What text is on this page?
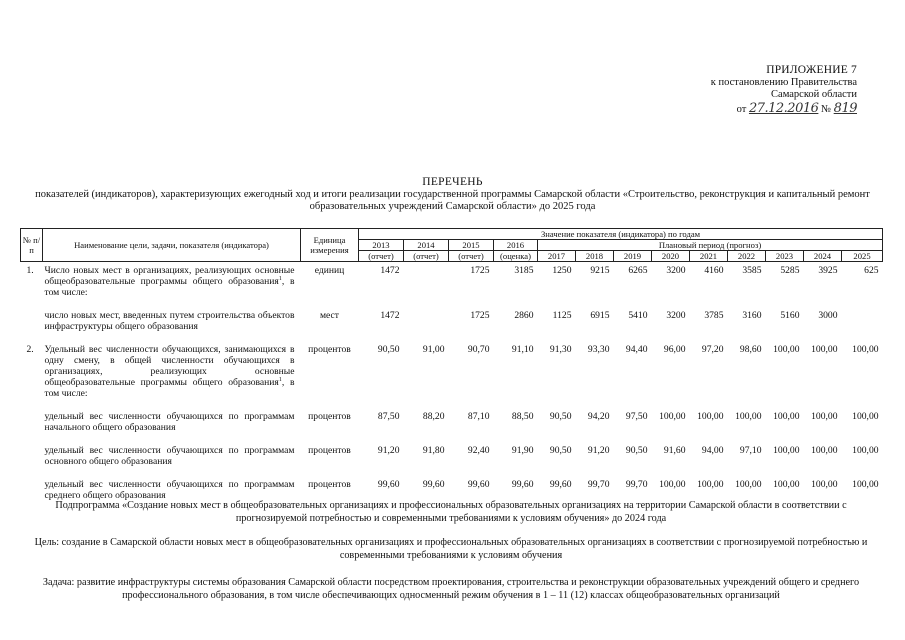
ПРИЛОЖЕНИЕ 7
к постановлению Правительства
Самарской области
от 27.12.2016 № 819
ПЕРЕЧЕНЬ
показателей (индикаторов), характеризующих ежегодный ход и итоги реализации государственной программы Самарской области «Строительство, реконструкция и капитальный ремонт образовательных учреждений Самарской области» до 2025 года
№ п/п	Наименование цели, задачи, показателя (индикатора)	Единица измерения	Значение показателя (индикатора) по годам												
			2013	2014	2015	2016	Плановый период (прогноз)								
			(отчет)	(отчет)	(отчет)	(оценка)	2017	2018	2019	2020	2021	2022	2023	2024	2025
1.	Число новых мест в организациях, реализующих основные общеобразовательные программы общего образования$^1$, в том числе:	единиц	1472		1725	3185	1250	9215	6265	3200	4160	3585	5285	3925	625
	число новых мест, введенных путем строительства объектов инфраструктуры общего образования	мест	1472		1725	2860	1125	6915	5410	3200	3785	3160	5160	3000	
2.	Удельный вес численности обучающихся, занимающихся в одну смену, в общей численности обучающихся в организациях, реализующих основные общеобразовательные программы общего образования$^1$, в том числе:	процентов	90,50	91,00	90,70	91,10	91,30	93,30	94,40	96,00	97,20	98,60	100,00	100,00	100,00
	удельный вес численности обучающихся по программам начального общего образования	процентов	87,50	88,20	87,10	88,50	90,50	94,20	97,50	100,00	100,00	100,00	100,00	100,00	100,00
	удельный вес численности обучающихся по программам основного общего образования	процентов	91,20	91,80	92,40	91,90	90,50	91,20	90,50	91,60	94,00	97,10	100,00	100,00	100,00
	удельный вес численности обучающихся по программам среднего общего образования	процентов	99,60	99,60	99,60	99,60	99,60	99,70	99,70	100,00	100,00	100,00	100,00	100,00	100,00
Подпрограмма «Создание новых мест в общеобразовательных организациях и профессиональных образовательных организациях на территории Самарской области в соответствии с прогнозируемой потребностью и современными требованиями к условиям обучения» до 2024 года
Цель: создание в Самарской области новых мест в общеобразовательных организациях и профессиональных образовательных организациях в соответствии с прогнозируемой потребностью и современными требованиями к условиям обучения
Задача: развитие инфраструктуры системы образования Самарской области посредством проектирования, строительства и реконструкции образовательных учреждений общего и среднего профессионального образования, в том числе обеспечивающих односменный режим обучения в 1 – 11 (12) классах общеобразовательных организаций
